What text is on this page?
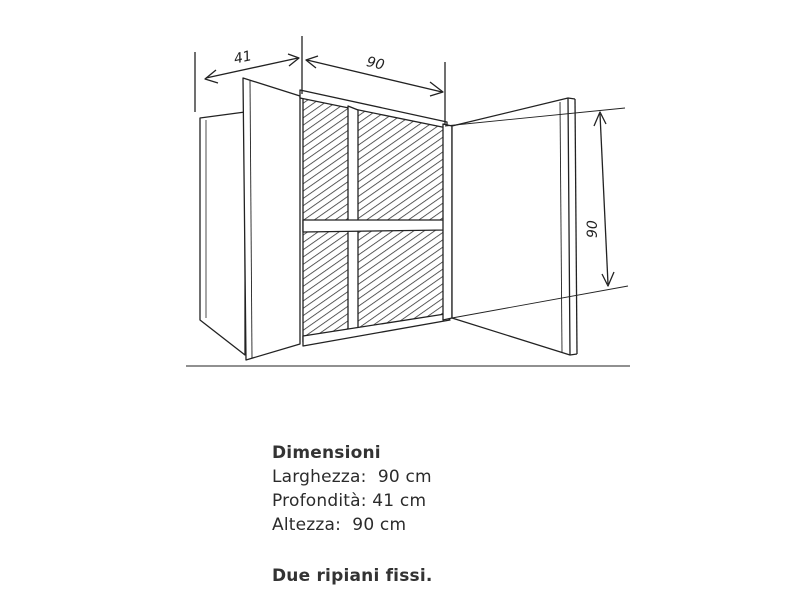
41	90
90
Dimensioni
Larghezza:
90 cm
Profondità:
41 cm
Altezza:
90 cm
Due ripiani fissi.
